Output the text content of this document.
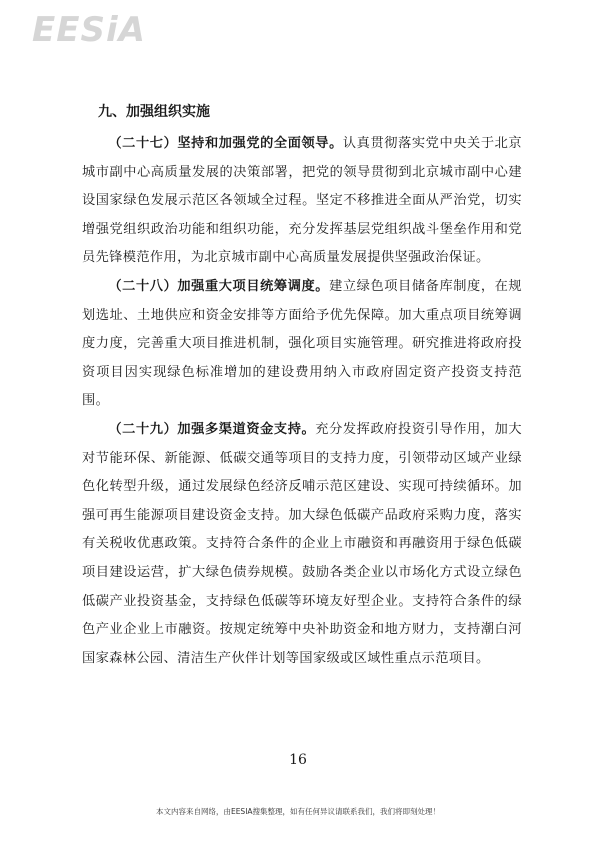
EESiA
九、加强组织实施

（二十七）坚持和加强党的全面领导。认真贯彻落实党中央关于北京城市副中心高质量发展的决策部署，把党的领导贯彻到北京城市副中心建设国家绿色发展示范区各领域全过程。坚定不移推进全面从严治党，切实增强党组织政治功能和组织功能，充分发挥基层党组织战斗堡垒作用和党员先锋模范作用，为北京城市副中心高质量发展提供坚强政治保证。

（二十八）加强重大项目统筹调度。建立绿色项目储备库制度，在规划选址、土地供应和资金安排等方面给予优先保障。加大重点项目统筹调度力度，完善重大项目推进机制，强化项目实施管理。研究推进将政府投资项目因实现绿色标准增加的建设费用纳入市政府固定资产投资支持范围。

（二十九）加强多渠道资金支持。充分发挥政府投资引导作用，加大对节能环保、新能源、低碳交通等项目的支持力度，引领带动区域产业绿色化转型升级，通过发展绿色经济反哺示范区建设、实现可持续循环。加强可再生能源项目建设资金支持。加大绿色低碳产品政府采购力度，落实有关税收优惠政策。支持符合条件的企业上市融资和再融资用于绿色低碳项目建设运营，扩大绿色债券规模。鼓励各类企业以市场化方式设立绿色低碳产业投资基金，支持绿色低碳等环境友好型企业。支持符合条件的绿色产业企业上市融资。按规定统筹中央补助资金和地方财力，支持潮白河国家森林公园、清洁生产伙伴计划等国家级或区域性重点示范项目。

16
本文内容来自网络，由EESIA搜集整理，如有任何异议请联系我们，我们将即刻处理！
